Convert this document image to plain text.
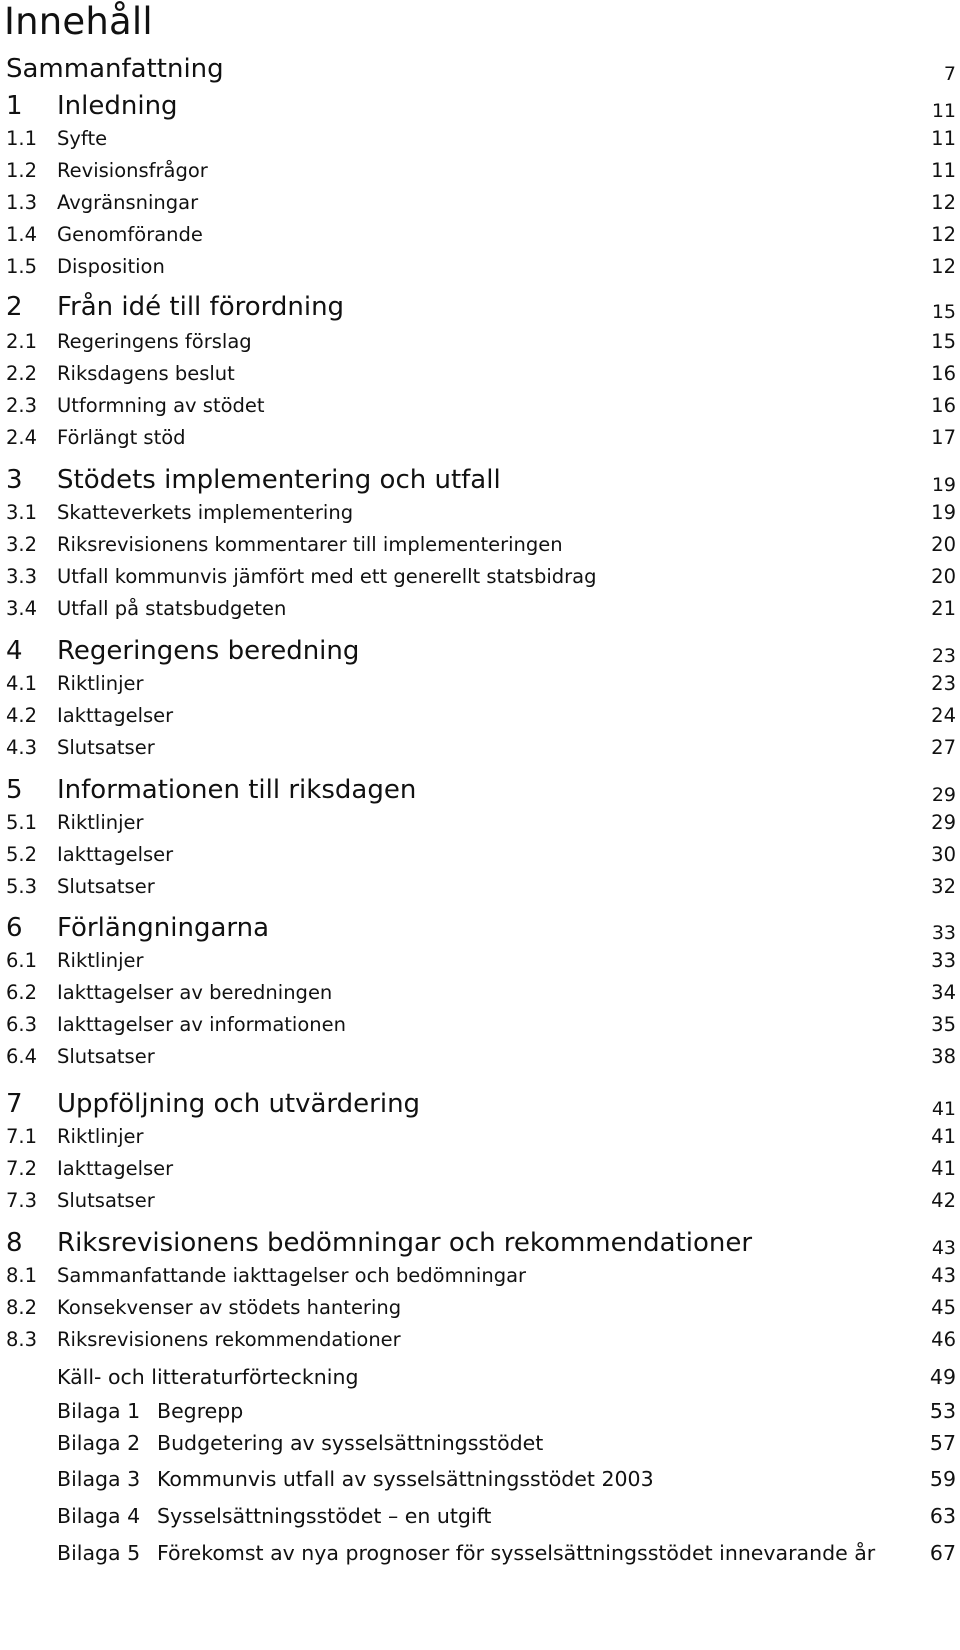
Innehåll
Sammanfattning	7
1 Inledning	11
1.1 Syfte	11
1.2 Revisionsfrågor	11
1.3 Avgränsningar	12
1.4 Genomförande	12
1.5 Disposition	12
2 Från idé till förordning	15
2.1 Regeringens förslag	15
2.2 Riksdagens beslut	16
2.3 Utformning av stödet	16
2.4 Förlängt stöd	17
3 Stödets implementering och utfall	19
3.1 Skatteverkets implementering	19
3.2 Riksrevisionens kommentarer till implementeringen	20
3.3 Utfall kommunvis jämfört med ett generellt statsbidrag	20
3.4 Utfall på statsbudgeten	21
4 Regeringens beredning	23
4.1 Riktlinjer	23
4.2 Iakttagelser	24
4.3 Slutsatser	27
5 Informationen till riksdagen	29
5.1 Riktlinjer	29
5.2 Iakttagelser	30
5.3 Slutsatser	32
6 Förlängningarna	33
6.1 Riktlinjer	33
6.2 Iakttagelser av beredningen	34
6.3 Iakttagelser av informationen	35
6.4 Slutsatser	38
7 Uppföljning och utvärdering	41
7.1 Riktlinjer	41
7.2 Iakttagelser	41
7.3 Slutsatser	42
8 Riksrevisionens bedömningar och rekommendationer	43
8.1 Sammanfattande iakttagelser och bedömningar	43
8.2 Konsekvenser av stödets hantering	45
8.3 Riksrevisionens rekommendationer	46
Käll- och litteraturförteckning	49
Bilaga 1 Begrepp	53
Bilaga 2 Budgetering av sysselsättningsstödet	57
Bilaga 3 Kommunvis utfall av sysselsättningsstödet 2003	59
Bilaga 4 Sysselsättningsstödet – en utgift	63
Bilaga 5 Förekomst av nya prognoser för sysselsättningsstödet innevarande år	67
